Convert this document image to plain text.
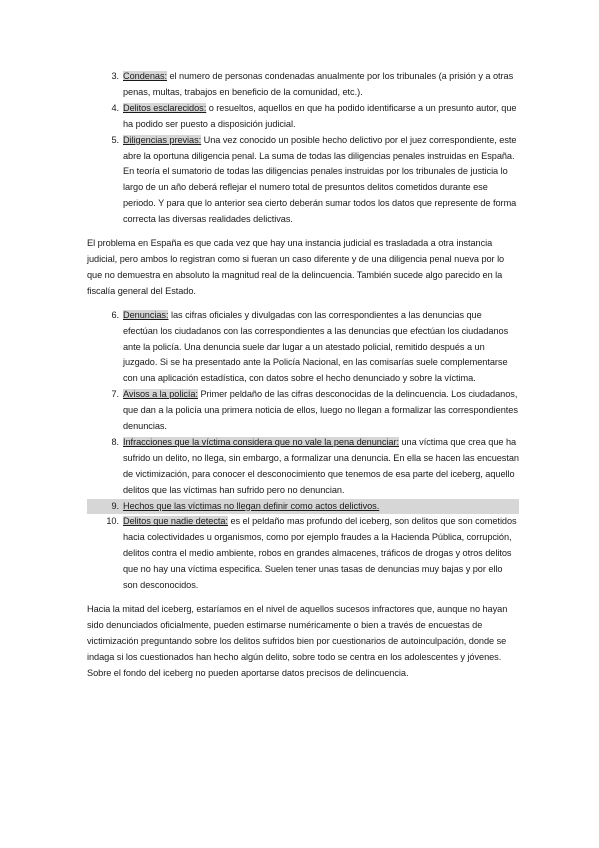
3. Condenas: el numero de personas condenadas anualmente por los tribunales (a prisión y a otras penas, multas, trabajos en beneficio de la comunidad, etc.).
4. Delitos esclarecidos: o resueltos, aquellos en que ha podido identificarse a un presunto autor, que ha podido ser puesto a disposición judicial.
5. Diligencias previas: Una vez conocido un posible hecho delictivo por el juez correspondiente, este abre la oportuna diligencia penal. La suma de todas las diligencias penales instruidas en España. En teoría el sumatorio de todas las diligencias penales instruidas por los tribunales de justicia lo largo de un año deberá reflejar el numero total de presuntos delitos cometidos durante ese periodo. Y para que lo anterior sea cierto deberán sumar todos los datos que represente de forma correcta las diversas realidades delictivas.

El problema en España es que cada vez que hay una instancia judicial es trasladada a otra instancia judicial, pero ambos lo registran como si fueran un caso diferente y de una diligencia penal nueva por lo que no demuestra en absoluto la magnitud real de la delincuencia. También sucede algo parecido en la fiscalía general del Estado.

6. Denuncias: las cifras oficiales y divulgadas con las correspondientes a las denuncias que efectúan los ciudadanos con las correspondientes a las denuncias que efectúan los ciudadanos ante la policía. Una denuncia suele dar lugar a un atestado policial, remitido después a un juzgado. Si se ha presentado ante la Policía Nacional, en las comisarías suele complementarse con una aplicación estadística, con datos sobre el hecho denunciado y sobre la víctima.
7. Avisos a la policía: Primer peldaño de las cifras desconocidas de la delincuencia. Los ciudadanos, que dan a la policía una primera noticia de ellos, luego no llegan a formalizar las correspondientes denuncias.
8. Infracciones que la víctima considera que no vale la pena denunciar: una víctima que crea que ha sufrido un delito, no llega, sin embargo, a formalizar una denuncia. En ella se hacen las encuestan de victimización, para conocer el desconocimiento que tenemos de esa parte del iceberg, aquello delitos que las víctimas han sufrido pero no denuncian.
9. Hechos que las víctimas no llegan definir como actos delictivos.
10. Delitos que nadie detecta: es el peldaño mas profundo del iceberg, son delitos que son cometidos hacia colectividades u organismos, como por ejemplo fraudes a la Hacienda Pública, corrupción, delitos contra el medio ambiente, robos en grandes almacenes, tráficos de drogas y otros delitos que no hay una víctima especifica. Suelen tener unas tasas de denuncias muy bajas y por ello son desconocidos.

Hacia la mitad del iceberg, estaríamos en el nivel de aquellos sucesos infractores que, aunque no hayan sido denunciados oficialmente, pueden estimarse numéricamente o bien a través de encuestas de victimización preguntando sobre los delitos sufridos bien por cuestionarios de autoinculpación, donde se indaga si los cuestionados han hecho algún delito, sobre todo se centra en los adolescentes y jóvenes. Sobre el fondo del iceberg no pueden aportarse datos precisos de delincuencia.
